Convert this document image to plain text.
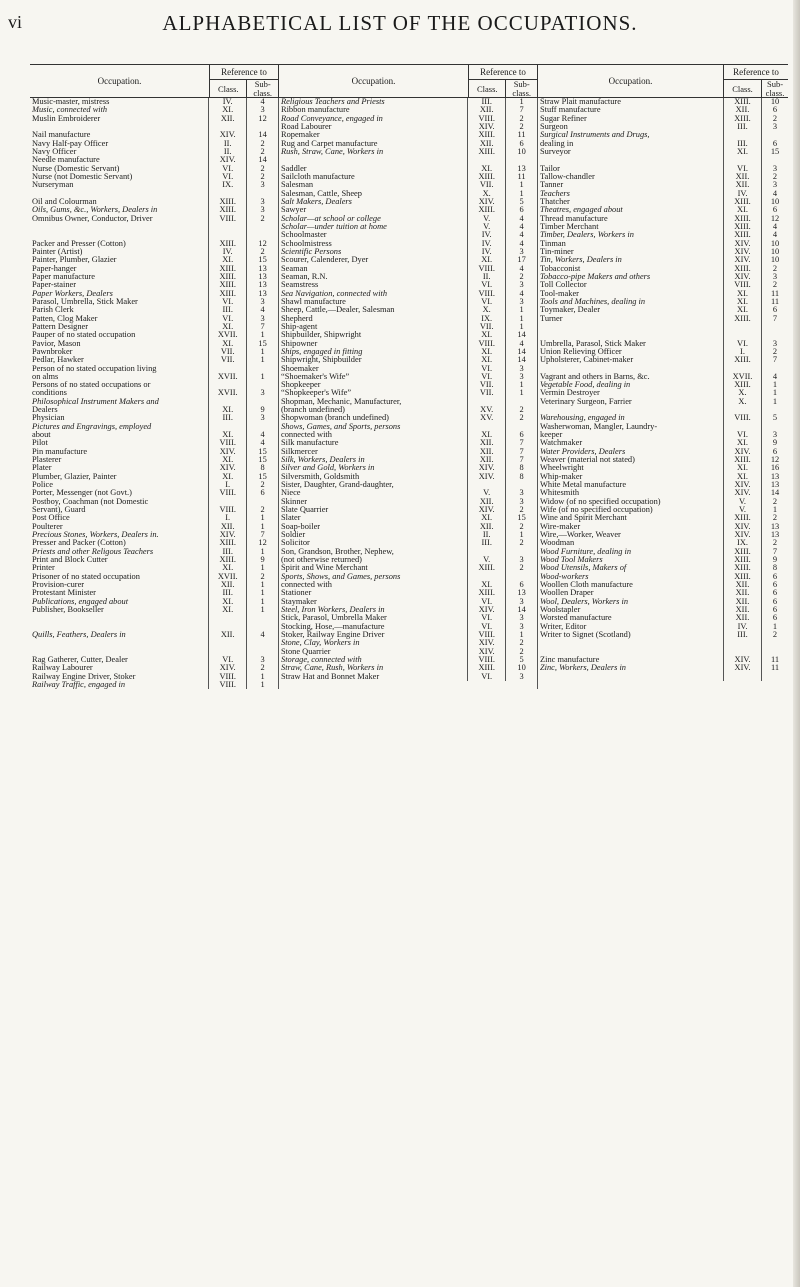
vi	ALPHABETICAL LIST OF THE OCCUPATIONS.
Occupation.
Reference to
Class.	Sub-class.
Occupation.
Reference to
Class.	Sub-class.
Occupation.
Reference to
Class.	Sub-class.
Music-master, mistress	IV.	4
Music, connected with	XI.	3
Muslin Embroiderer	XII.	12
Nail manufacture	XIV.	14
Navy Half-pay Officer	II.	2
Navy Officer	II.	2
Needle manufacture	XIV.	14
Nurse (Domestic Servant)	VI.	2
Nurse (not Domestic Servant)	VI.	2
Nurseryman	IX.	3
Oil and Colourman	XIII.	3
Oils, Gums, &c., Workers, Dealers in	XIII.	3
Omnibus Owner, Conductor, Driver	VIII.	2
Packer and Presser (Cotton)	XIII.	12
Painter (Artist)	IV.	2
Painter, Plumber, Glazier	XI.	15
Paper-hanger	XIII.	13
Paper manufacture	XIII.	13
Paper-stainer	XIII.	13
Paper Workers, Dealers	XIII.	13
Parasol, Umbrella, Stick Maker	VI.	3
Parish Clerk	III.	4
Patten, Clog Maker	VI.	3
Pattern Designer	XI.	7
Pauper of no stated occupation	XVII.	1
Pavior, Mason	XI.	15
Pawnbroker	VII.	1
Pedlar, Hawker	VII.	1
Person of no stated occupation living
on alms	XVII.	1
Persons of no stated occupations or
conditions	XVII.	3
Philosophical Instrument Makers and
Dealers	XI.	9
Physician	III.	3
Pictures and Engravings, employed
about	XI.	4
Pilot	VIII.	4
Pin manufacture	XIV.	15
Plasterer	XI.	15
Plater	XIV.	8
Plumber, Glazier, Painter	XI.	15
Police	I.	2
Porter, Messenger (not Govt.)	VIII.	6
Postboy, Coachman (not Domestic
Servant), Guard	VIII.	2
Post Office	I.	1
Poulterer	XII.	1
Precious Stones, Workers, Dealers in.	XIV.	7
Presser and Packer (Cotton)	XIII.	12
Priests and other Religous Teachers	III.	1
Print and Block Cutter	XIII.	9
Printer	XI.	1
Prisoner of no stated occupation	XVII.	2
Provision-curer	XII.	1
Protestant Minister	III.	1
Publications, engaged about	XI.	1
Publisher, Bookseller	XI.	1
Quills, Feathers, Dealers in	XII.	4
Rag Gatherer, Cutter, Dealer	VI.	3
Railway Labourer	XIV.	2
Railway Engine Driver, Stoker	VIII.	1
Railway Traffic, engaged in	VIII.	1
Religious Teachers and Priests	III.	1
Ribbon manufacture	XII.	7
Road Conveyance, engaged in	VIII.	2
Road Labourer	XIV.	2
Ropemaker	XIII.	11
Rug and Carpet manufacture	XII.	6
Rush, Straw, Cane, Workers in	XIII.	10
Saddler	XI.	13
Sailcloth manufacture	XIII.	11
Salesman	VII.	1
Salesman, Cattle, Sheep	X.	1
Salt Makers, Dealers	XIV.	5
Sawyer	XIII.	6
Scholar—at school or college	V.	4
Scholar—under tuition at home	V.	4
Schoolmaster	IV.	4
Schoolmistress	IV.	4
Scientific Persons	IV.	3
Scourer, Calenderer, Dyer	XI.	17
Seaman	VIII.	4
Seaman, R.N.	II.	2
Seamstress	VI.	3
Sea Navigation, connected with	VIII.	4
Shawl manufacture	VI.	3
Sheep, Cattle,—Dealer, Salesman	X.	1
Shepherd	IX.	1
Ship-agent	VII.	1
Shipbuilder, Shipwright	XI.	14
Shipowner	VIII.	4
Ships, engaged in fitting	XI.	14
Shipwright, Shipbuilder	XI.	14
Shoemaker	VI.	3
“Shoemaker's Wife”	VI.	3
Shopkeeper	VII.	1
“Shopkeeper's Wife”	VII.	1
Shopman, Mechanic, Manufacturer,
(branch undefined)	XV.	2
Shopwoman (branch undefined)	XV.	2
Shows, Games, and Sports, persons
connected with	XI.	6
Silk manufacture	XII.	7
Silkmercer	XII.	7
Silk, Workers, Dealers in	XII.	7
Silver and Gold, Workers in	XIV.	8
Silversmith, Goldsmith	XIV.	8
Sister, Daughter, Grand-daughter,
Niece	V.	3
Skinner	XII.	3
Slate Quarrier	XIV.	2
Slater	XI.	15
Soap-boiler	XII.	2
Soldier	II.	1
Solicitor	III.	2
Son, Grandson, Brother, Nephew,
(not otherwise returned)	V.	3
Spirit and Wine Merchant	XIII.	2
Sports, Shows, and Games, persons
connected with	XI.	6
Stationer	XIII.	13
Staymaker	VI.	3
Steel, Iron Workers, Dealers in	XIV.	14
Stick, Parasol, Umbrella Maker	VI.	3
Stocking, Hose,—manufacture	VI.	3
Stoker, Railway Engine Driver	VIII.	1
Stone, Clay, Workers in	XIV.	2
Stone Quarrier	XIV.	2
Storage, connected with	VIII.	5
Straw, Cane, Rush, Workers in	XIII.	10
Straw Hat and Bonnet Maker	VI.	3
Straw Plait manufacture	XIII.	10
Stuff manufacture	XII.	6
Sugar Refiner	XIII.	2
Surgeon	III.	3
Surgical Instruments and Drugs,
dealing in	III.	6
Surveyor	XI.	15
Tailor	VI.	3
Tallow-chandler	XII.	2
Tanner	XII.	3
Teachers	IV.	4
Thatcher	XIII.	10
Theatres, engaged about	XI.	6
Thread manufacture	XIII.	12
Timber Merchant	XIII.	4
Timber, Dealers, Workers in	XIII.	4
Tinman	XIV.	10
Tin-miner	XIV.	10
Tin, Workers, Dealers in	XIV.	10
Tobacconist	XIII.	2
Tobacco-pipe Makers and others	XIV.	3
Toll Collector	VIII.	2
Tool-maker	XI.	11
Tools and Machines, dealing in	XI.	11
Toymaker, Dealer	XI.	6
Turner	XIII.	7
Umbrella, Parasol, Stick Maker	VI.	3
Union Relieving Officer	I.	2
Upholsterer, Cabinet-maker	XIII.	7
Vagrant and others in Barns, &c.	XVII.	4
Vegetable Food, dealing in	XIII.	1
Vermin Destroyer	X.	1
Veterinary Surgeon, Farrier	X.	1
Warehousing, engaged in	VIII.	5
Washerwoman, Mangler, Laundry-
keeper	VI.	3
Watchmaker	XI.	9
Water Providers, Dealers	XIV.	6
Weaver (material not stated)	XIII.	12
Wheelwright	XI.	16
Whip-maker	XI.	13
White Metal manufacture	XIV.	13
Whitesmith	XIV.	14
Widow (of no specified occupation)	V.	2
Wife (of no specified occupation)	V.	1
Wine and Spirit Merchant	XIII.	2
Wire-maker	XIV.	13
Wire,—Worker, Weaver	XIV.	13
Woodman	IX.	2
Wood Furniture, dealing in	XIII.	7
Wood Tool Makers	XIII.	9
Wood Utensils, Makers of	XIII.	8
Wood-workers	XIII.	6
Woollen Cloth manufacture	XII.	6
Woollen Draper	XII.	6
Wool, Dealers, Workers in	XII.	6
Woolstapler	XII.	6
Worsted manufacture	XII.	6
Writer, Editor	IV.	1
Writer to Signet (Scotland)	III.	2
Zinc manufacture	XIV.	11
Zinc, Workers, Dealers in	XIV.	11
